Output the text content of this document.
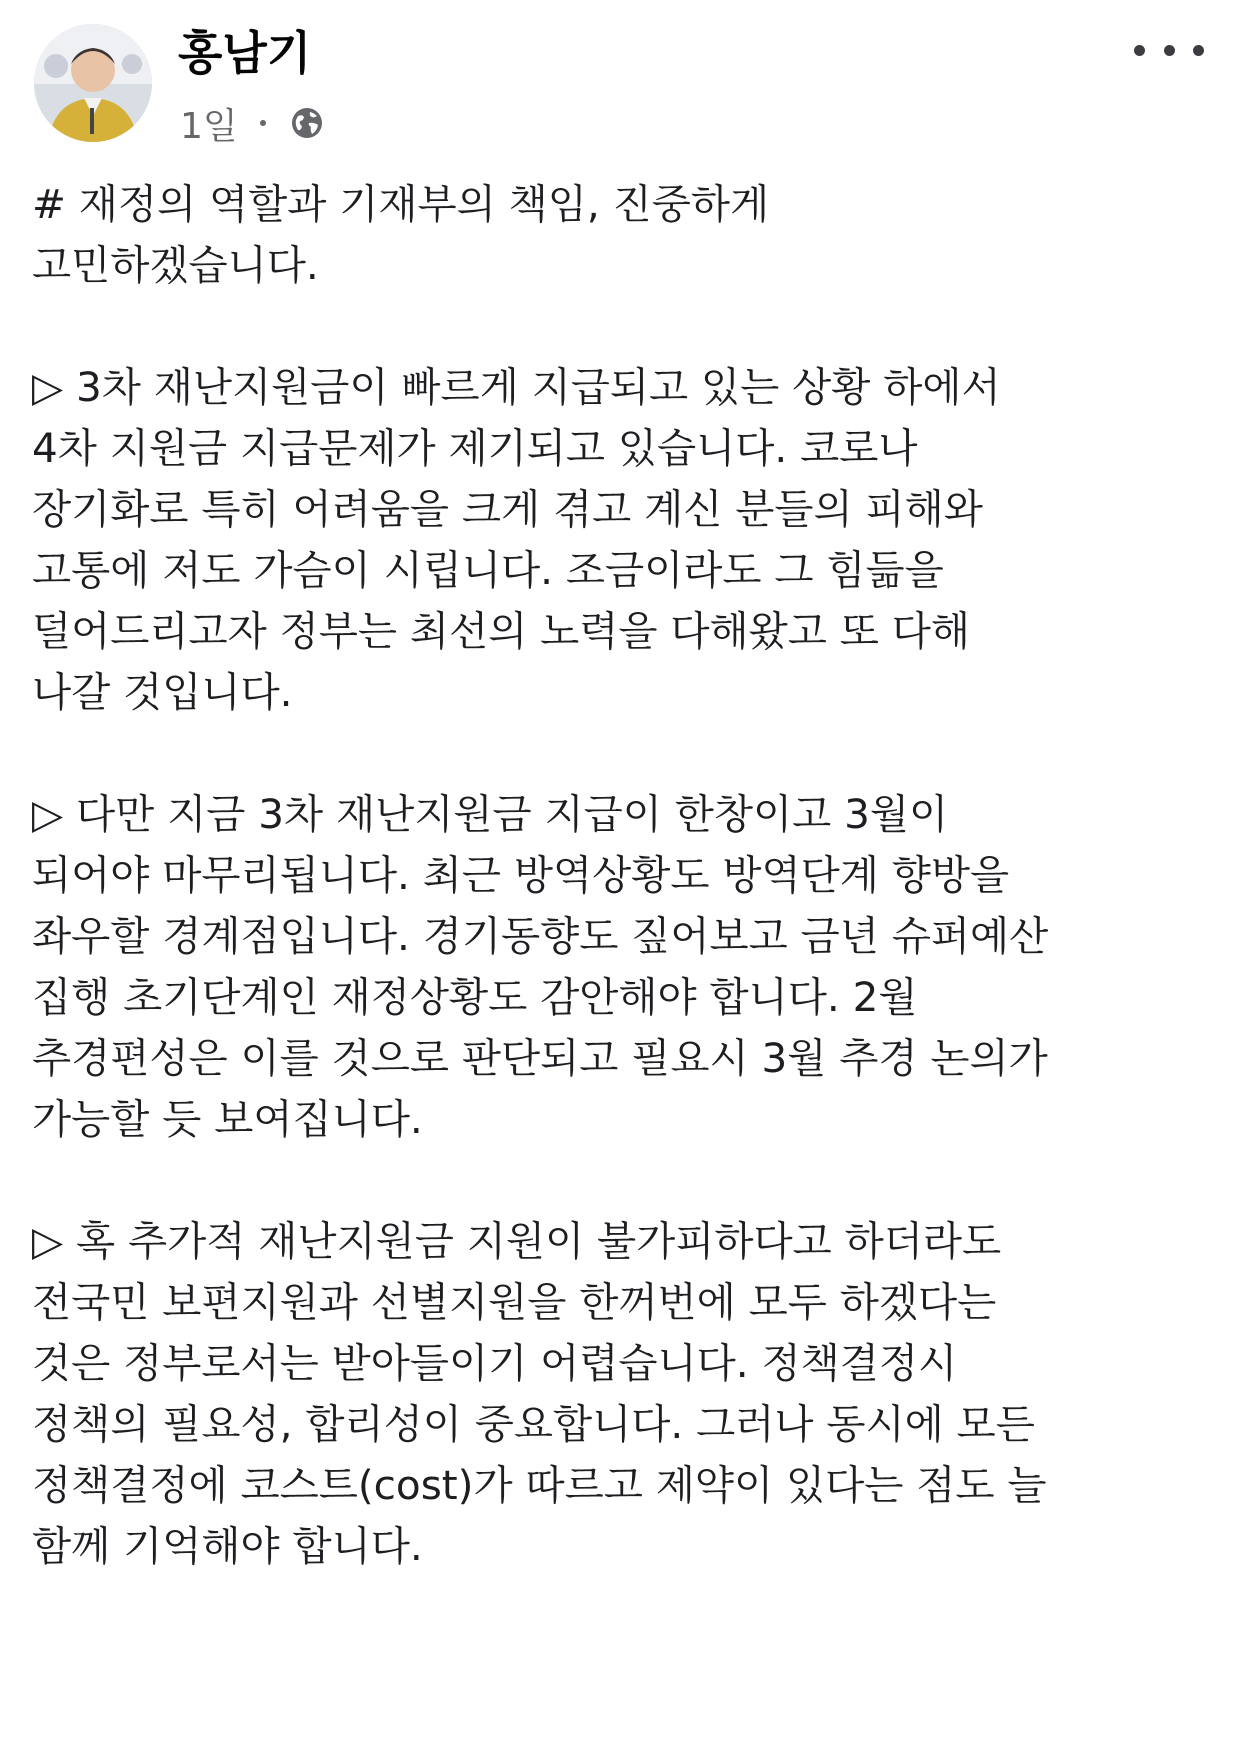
홍남기
1일
# 재정의 역할과 기재부의 책임, 진중하게
고민하겠습니다.
▷ 3차 재난지원금이 빠르게 지급되고 있는 상황 하에서
4차 지원금 지급문제가 제기되고 있습니다. 코로나
장기화로 특히 어려움을 크게 겪고 계신 분들의 피해와
고통에 저도 가슴이 시립니다. 조금이라도 그 힘듦을
덜어드리고자 정부는 최선의 노력을 다해왔고 또 다해
나갈 것입니다.
▷ 다만 지금 3차 재난지원금 지급이 한창이고 3월이
되어야 마무리됩니다. 최근 방역상황도 방역단계 향방을
좌우할 경계점입니다. 경기동향도 짚어보고 금년 슈퍼예산
집행 초기단계인 재정상황도 감안해야 합니다. 2월
추경편성은 이를 것으로 판단되고 필요시 3월 추경 논의가
가능할 듯 보여집니다.
▷ 혹 추가적 재난지원금 지원이 불가피하다고 하더라도
전국민 보편지원과 선별지원을 한꺼번에 모두 하겠다는
것은 정부로서는 받아들이기 어렵습니다. 정책결정시
정책의 필요성, 합리성이 중요합니다. 그러나 동시에 모든
정책결정에 코스트(cost)가 따르고 제약이 있다는 점도 늘
함께 기억해야 합니다.
